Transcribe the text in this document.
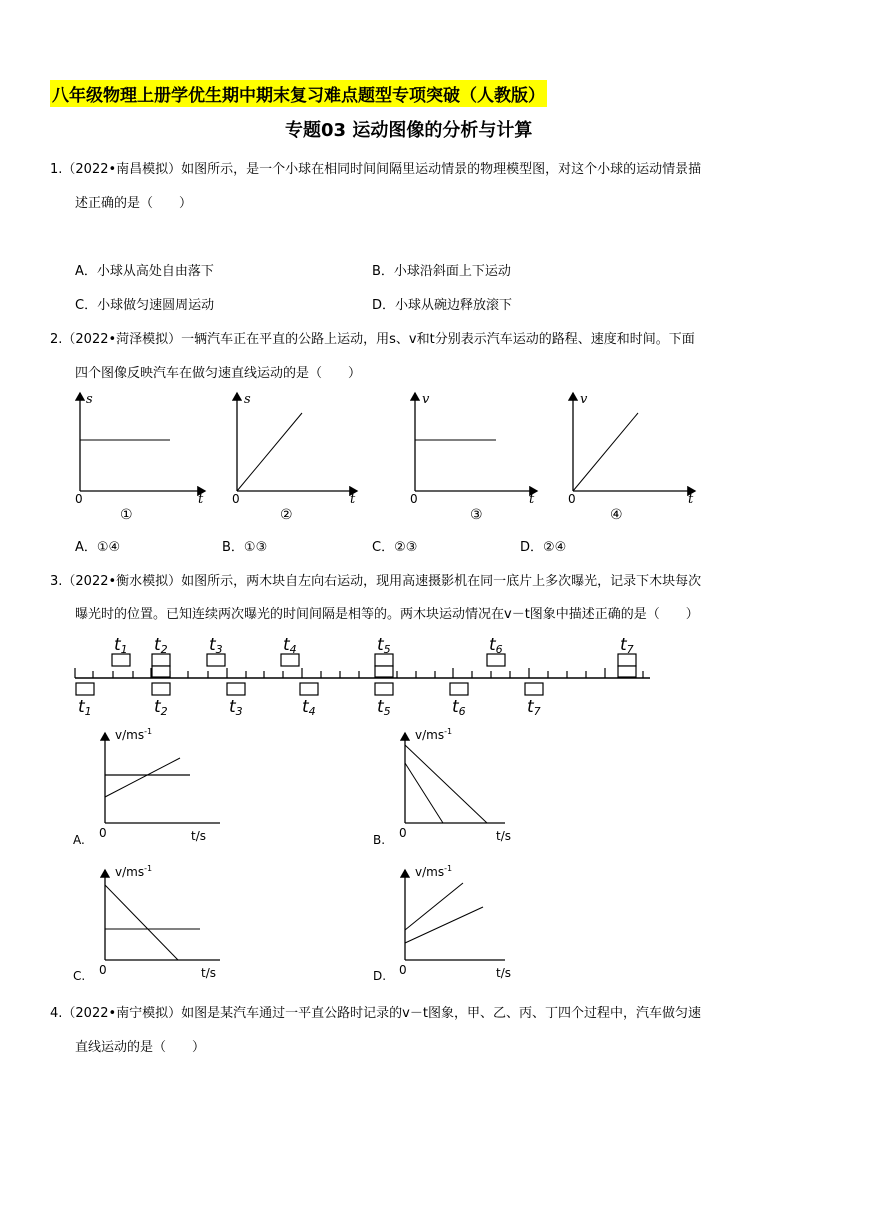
八年级物理上册学优生期中期末复习难点题型专项突破（人教版）
专题03 运动图像的分析与计算
1.（2022•南昌模拟）如图所示，是一个小球在相同时间间隔里运动情景的物理模型图，对这个小球的运动情景描
述正确的是（　　）
A．小球从高处自由落下	B．小球沿斜面上下运动
C．小球做匀速圆周运动	D．小球从碗边释放滚下
2.（2022•菏泽模拟）一辆汽车正在平直的公路上运动，用s、v和t分别表示汽车运动的路程、速度和时间。下面
四个图像反映汽车在做匀速直线运动的是（　　）
s
t
0
①
s
t
0
②
v
t
0
③
v
t
0
④
A．①④	B．①③	C．②③	D．②④
3.（2022•衡水模拟）如图所示，两木块自左向右运动，现用高速摄影机在同一底片上多次曝光，记录下木块每次
曝光时的位置。已知连续两次曝光的时间间隔是相等的。两木块运动情况在v－t图象中描述正确的是（　　）
t1 t2 t3	t4	t5	t6	t7
t1	t2	t3	t4	t5	t6	t7
$v/ms^{-1}$
t/s
0
A.
$v/ms^{-1}$
t/s
0
B.
$v/ms^{-1}$
t/s
0
C.
$v/ms^{-1}$
t/s
0
D.
4.（2022•南宁模拟）如图是某汽车通过一平直公路时记录的v－t图象，甲、乙、丙、丁四个过程中，汽车做匀速
直线运动的是（　　）
